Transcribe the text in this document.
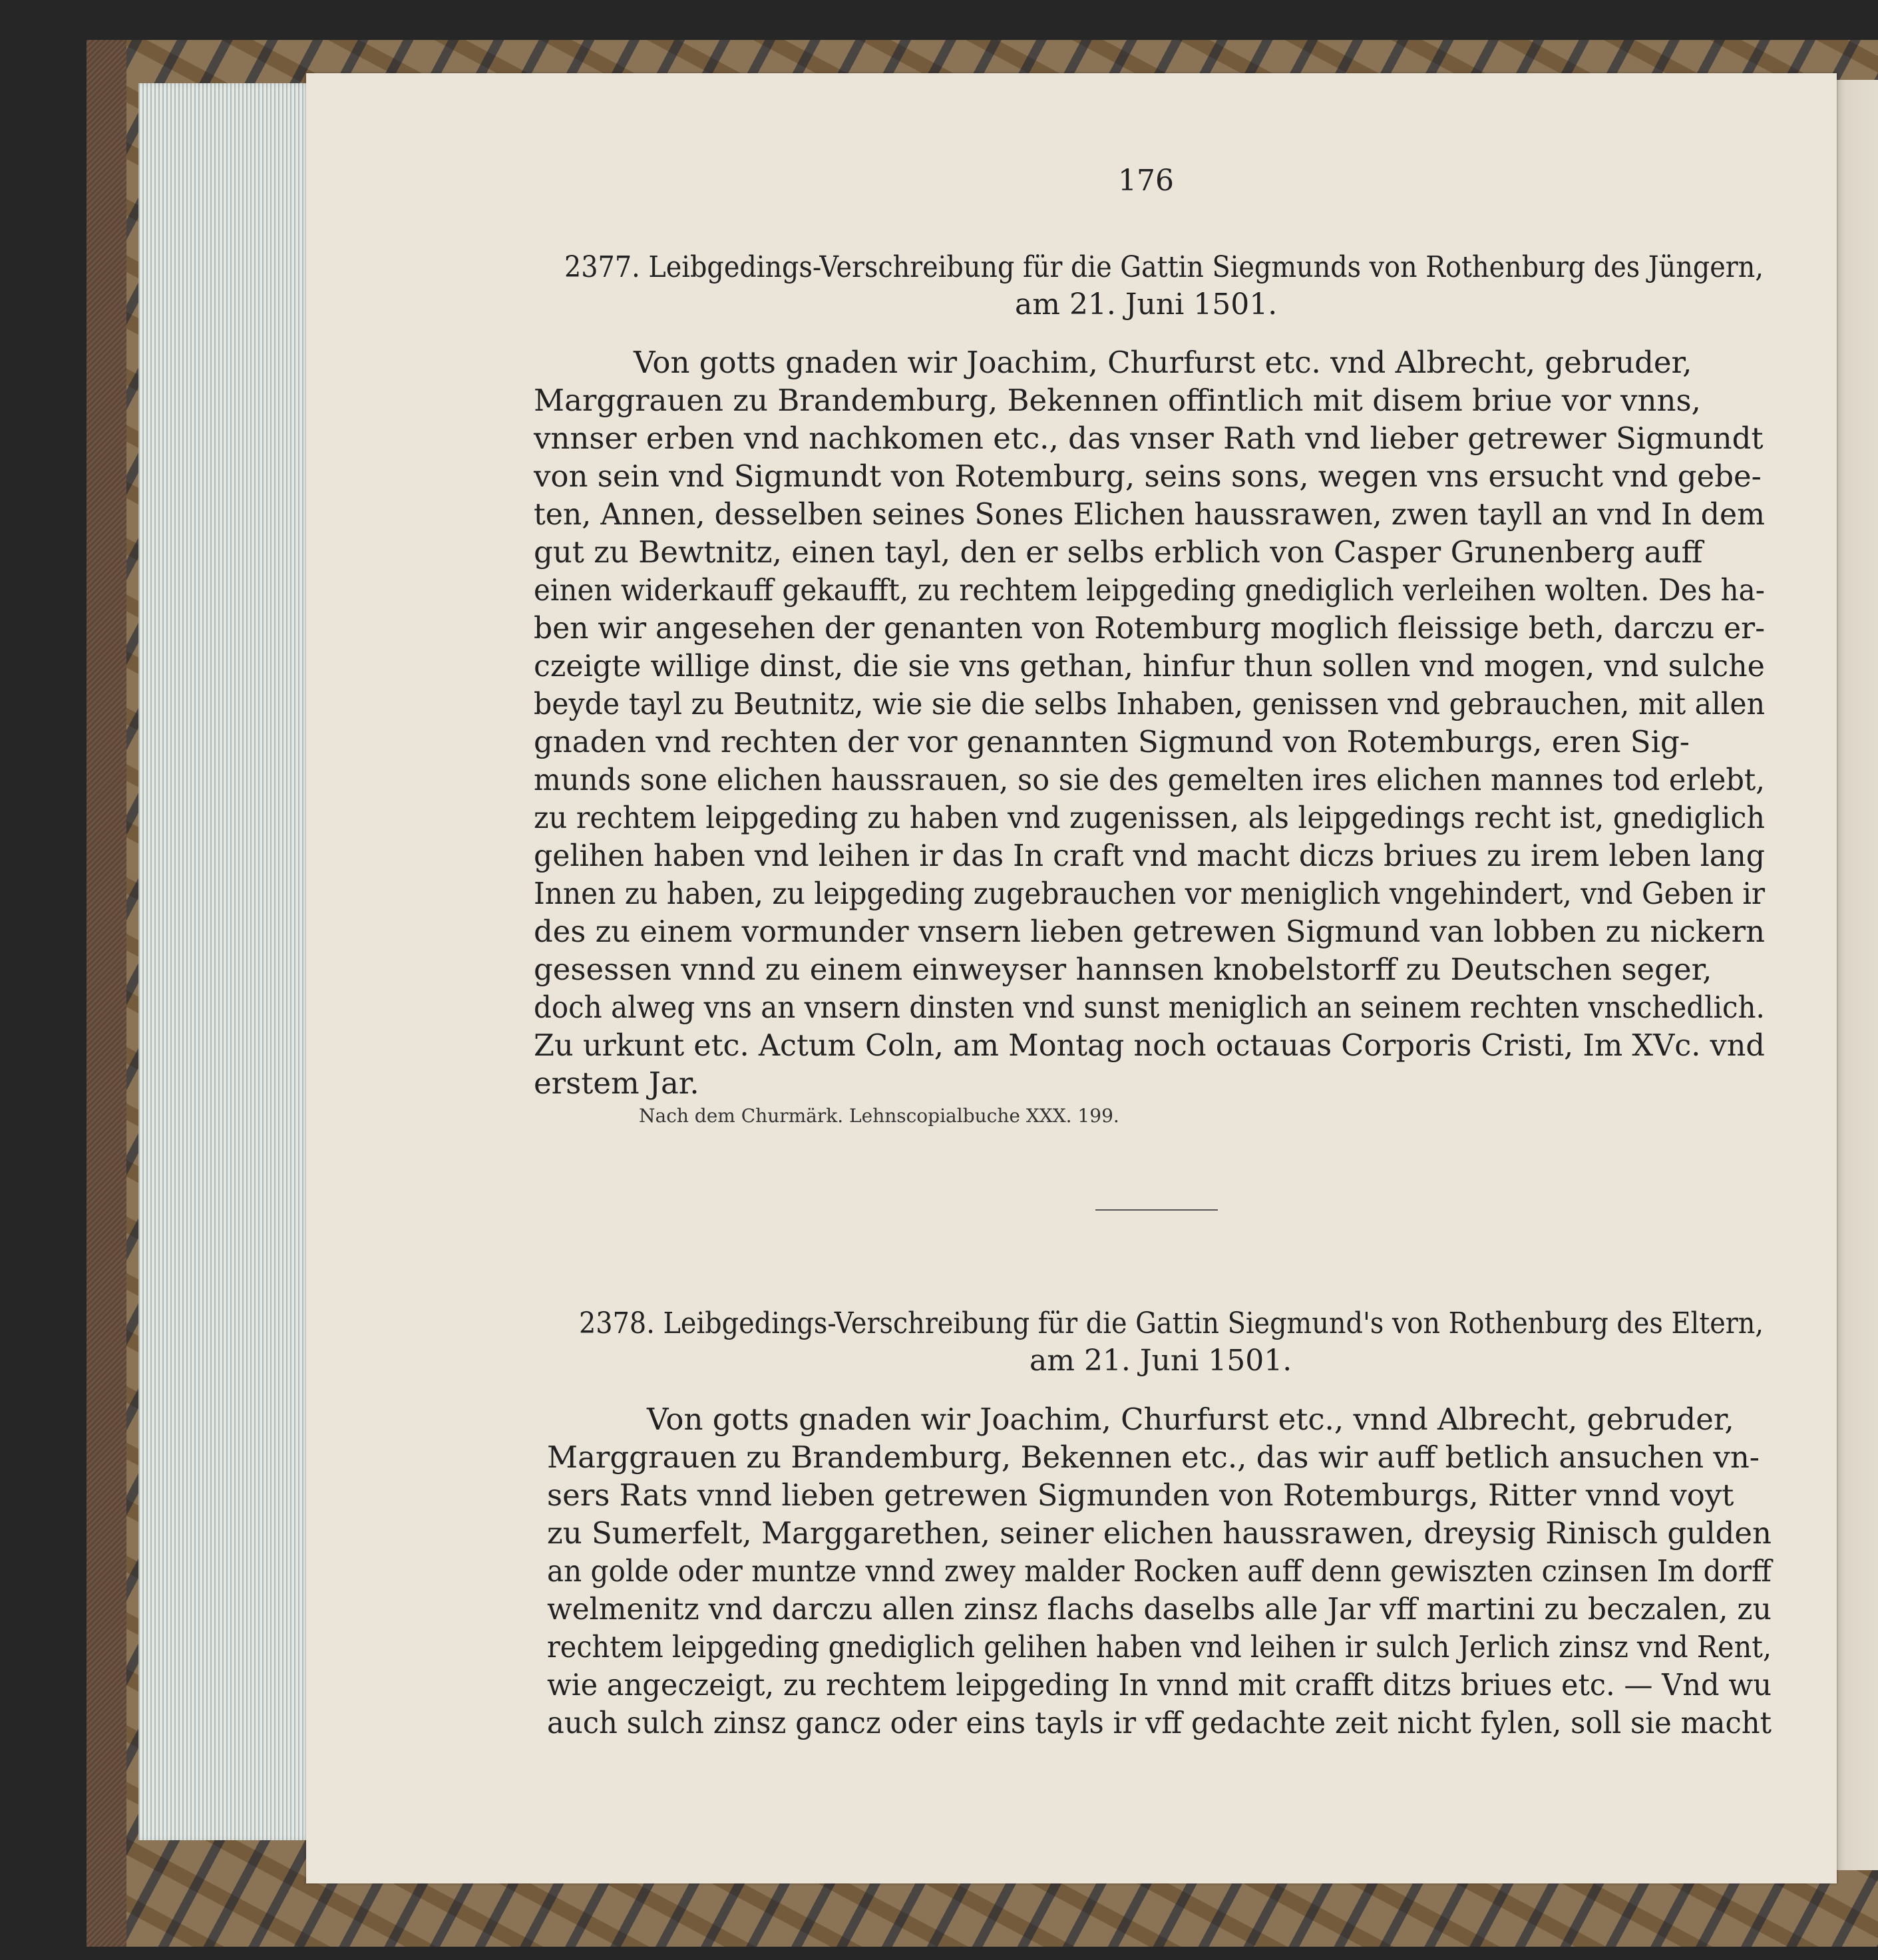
176
2377. Leibgedings-Verschreibung für die Gattin Siegmunds von Rothenburg des Jüngern,
am 21. Juni 1501.
Von gotts gnaden wir Joachim, Churfurst etc. vnd Albrecht, gebruder,
Marggrauen zu Brandemburg, Bekennen offintlich mit disem briue vor vnns,
vnnser erben vnd nachkomen etc., das vnser Rath vnd lieber getrewer Sigmundt
von sein vnd Sigmundt von Rotemburg, seins sons, wegen vns ersucht vnd gebe-
ten, Annen, desselben seines Sones Elichen haussrawen, zwen tayll an vnd In dem
gut zu Bewtnitz, einen tayl, den er selbs erblich von Casper Grunenberg auff
einen widerkauff gekaufft, zu rechtem leipgeding gnediglich verleihen wolten. Des ha-
ben wir angesehen der genanten von Rotemburg moglich fleissige beth, darczu er-
czeigte willige dinst, die sie vns gethan, hinfur thun sollen vnd mogen, vnd sulche
beyde tayl zu Beutnitz, wie sie die selbs Inhaben, genissen vnd gebrauchen, mit allen
gnaden vnd rechten der vor genannten Sigmund von Rotemburgs, eren Sig-
munds sone elichen haussrauen, so sie des gemelten ires elichen mannes tod erlebt,
zu rechtem leipgeding zu haben vnd zugenissen, als leipgedings recht ist, gnediglich
gelihen haben vnd leihen ir das In craft vnd macht diczs briues zu irem leben lang
Innen zu haben, zu leipgeding zugebrauchen vor meniglich vngehindert, vnd Geben ir
des zu einem vormunder vnsern lieben getrewen Sigmund van lobben zu nickern
gesessen vnnd zu einem einweyser hannsen knobelstorff zu Deutschen seger,
doch alweg vns an vnsern dinsten vnd sunst meniglich an seinem rechten vnschedlich.
Zu urkunt etc. Actum Coln, am Montag noch octauas Corporis Cristi, Im XVc. vnd
erstem Jar.
Nach dem Churmärk. Lehnscopialbuche XXX. 199.
2378. Leibgedings-Verschreibung für die Gattin Siegmund's von Rothenburg des Eltern,
am 21. Juni 1501.
Von gotts gnaden wir Joachim, Churfurst etc., vnnd Albrecht, gebruder,
Marggrauen zu Brandemburg, Bekennen etc., das wir auff betlich ansuchen vn-
sers Rats vnnd lieben getrewen Sigmunden von Rotemburgs, Ritter vnnd voyt
zu Sumerfelt, Marggarethen, seiner elichen haussrawen, dreysig Rinisch gulden
an golde oder muntze vnnd zwey malder Rocken auff denn gewiszten czinsen Im dorff
welmenitz vnd darczu allen zinsz flachs daselbs alle Jar vff martini zu beczalen, zu
rechtem leipgeding gnediglich gelihen haben vnd leihen ir sulch Jerlich zinsz vnd Rent,
wie angeczeigt, zu rechtem leipgeding In vnnd mit crafft ditzs briues etc. — Vnd wu
auch sulch zinsz gancz oder eins tayls ir vff gedachte zeit nicht fylen, soll sie macht
